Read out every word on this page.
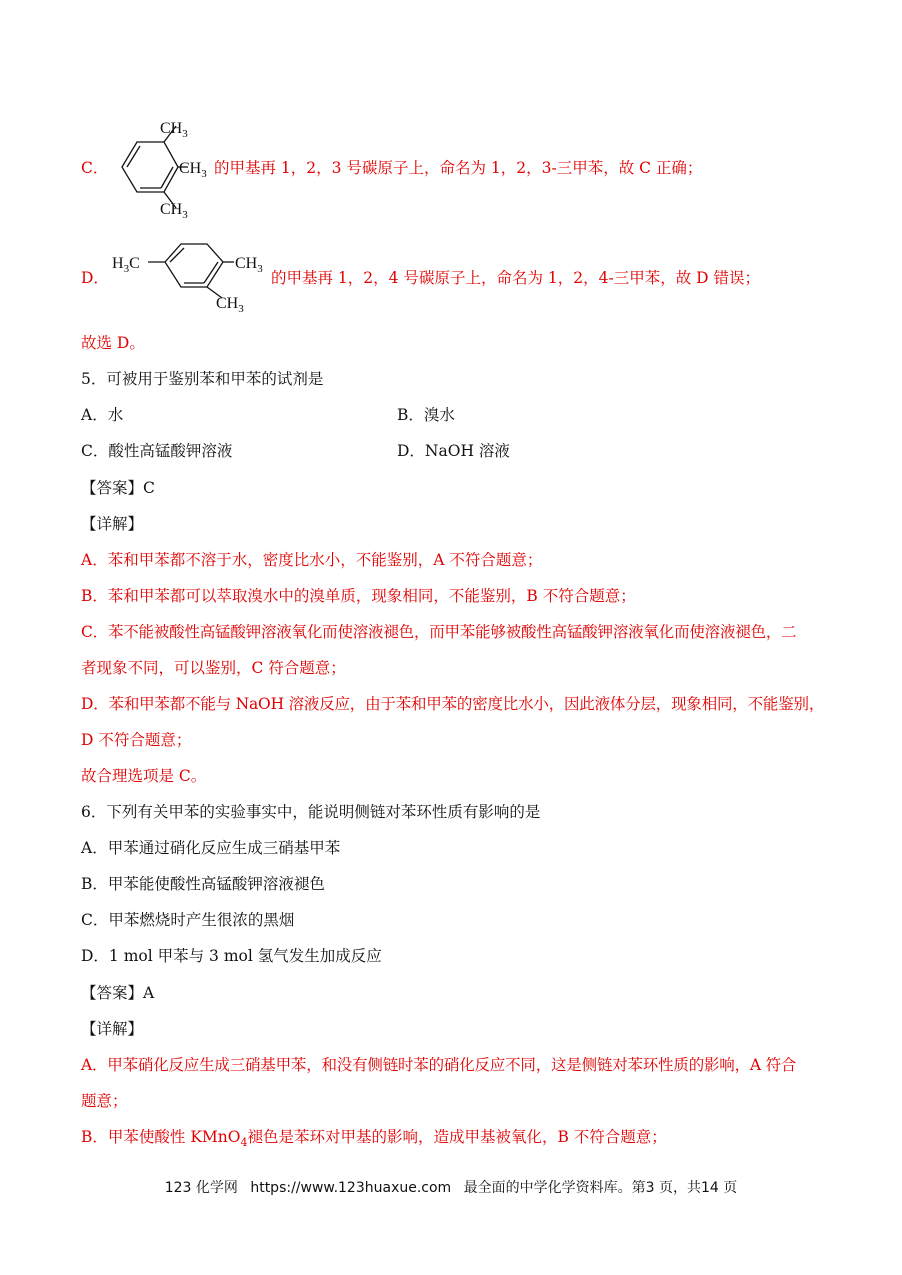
C．
$CH_3$
$CH_3$
$CH_3$
的甲基再 1，2，3 号碳原子上，命名为 1，2，3-三甲苯，故 C 正确；
D．
$H_3C$	$CH_3$
$CH_3$
的甲基再 1，2，4 号碳原子上，命名为 1，2，4-三甲苯，故 D 错误；
故选 D。
5．可被用于鉴别苯和甲苯的试剂是
A．水	B．溴水
C．酸性高锰酸钾溶液	D．NaOH 溶液
【答案】C
【详解】
A．苯和甲苯都不溶于水，密度比水小，不能鉴别，A 不符合题意；
B．苯和甲苯都可以萃取溴水中的溴单质，现象相同，不能鉴别，B 不符合题意；
C．苯不能被酸性高锰酸钾溶液氧化而使溶液褪色，而甲苯能够被酸性高锰酸钾溶液氧化而使溶液褪色，二
者现象不同，可以鉴别，C 符合题意；
D．苯和甲苯都不能与 NaOH 溶液反应，由于苯和甲苯的密度比水小，因此液体分层，现象相同，不能鉴别，
D 不符合题意；
故合理选项是 C。
6．下列有关甲苯的实验事实中，能说明侧链对苯环性质有影响的是
A．甲苯通过硝化反应生成三硝基甲苯
B．甲苯能使酸性高锰酸钾溶液褪色
C．甲苯燃烧时产生很浓的黑烟
D．1 mol 甲苯与 3 mol 氢气发生加成反应
【答案】A
【详解】
A．甲苯硝化反应生成三硝基甲苯，和没有侧链时苯的硝化反应不同，这是侧链对苯环性质的影响，A 符合
题意；
B．甲苯使酸性 KMnO$_4$褪色是苯环对甲基的影响，造成甲基被氧化，B 不符合题意；
123 化学网 https://www.123huaxue.com 最全面的中学化学资料库。第3 页，共14 页
